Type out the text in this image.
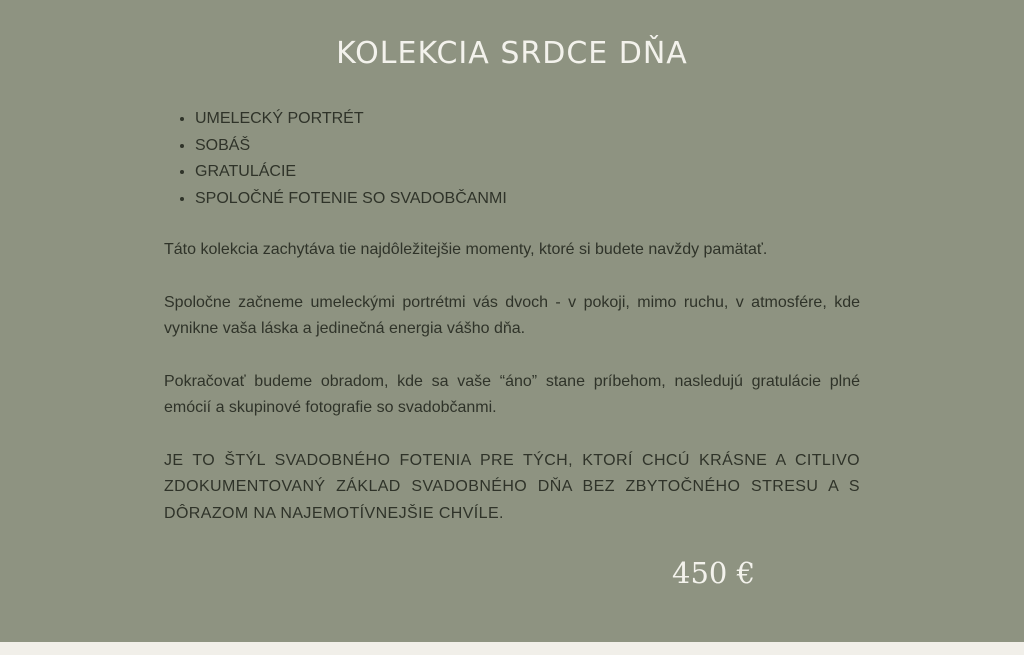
KOLEKCIA SRDCE DŇA
• UMELECKÝ PORTRÉT
• SOBÁŠ
• GRATULÁCIE
• SPOLOČNÉ FOTENIE SO SVADOBČANMI

Táto kolekcia zachytáva tie najdôležitejšie momenty, ktoré si budete navždy pamätať.

Spoločne začneme umeleckými portrétmi vás dvoch - v pokoji, mimo ruchu, v atmosfére, kde vynikne vaša láska a jedinečná energia vášho dňa.

Pokračovať budeme obradom, kde sa vaše “áno” stane príbehom, nasledujú gratulácie plné emócií a skupinové fotografie so svadobčanmi.

JE TO ŠTÝL SVADOBNÉHO FOTENIA PRE TÝCH, KTORÍ CHCÚ KRÁSNE A CITLIVO ZDOKUMENTOVANÝ ZÁKLAD SVADOBNÉHO DŇA BEZ ZBYTOČNÉHO STRESU A S DÔRAZOM NA NAJEMOTÍVNEJŠIE CHVÍLE.

450 €
